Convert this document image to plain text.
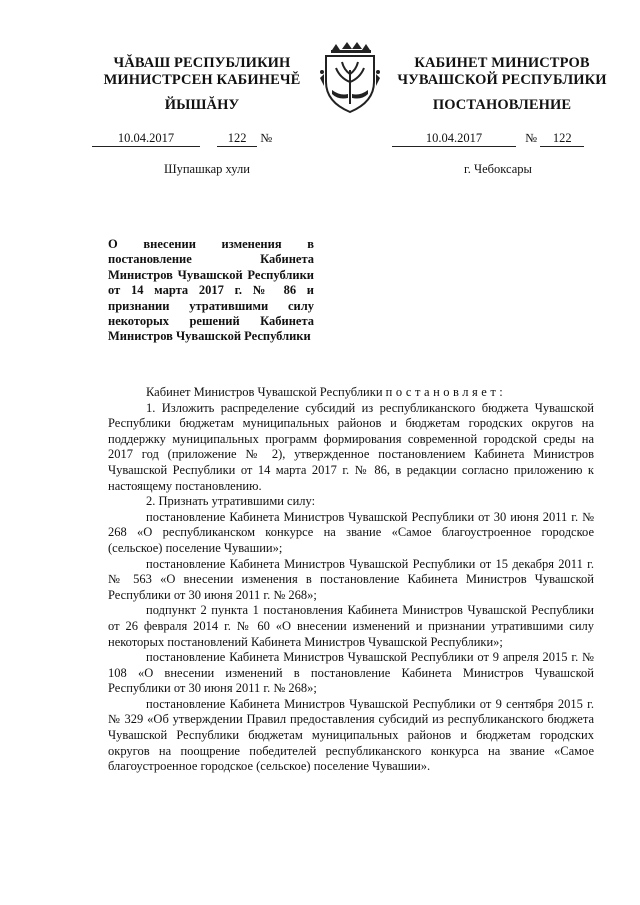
ЧĂВАШ РЕСПУБЛИКИН
МИНИСТРСЕН КАБИНЕЧĔ
ЙЫШĂНУ
КАБИНЕТ МИНИСТРОВ
ЧУВАШСКОЙ РЕСПУБЛИКИ
ПОСТАНОВЛЕНИЕ
10.04.2017	122 №	10.04.2017	№ 122
Шупашкар хули	г. Чебоксары
О внесении изменения в постановление Кабинета Министров Чувашской Республики от 14 марта 2017 г. № 86 и признании утратившими силу некоторых решений Кабинета Министров Чувашской Республики

Кабинет Министров Чувашской Республики постановляет:

1. Изложить распределение субсидий из республиканского бюджета Чувашской Республики бюджетам муниципальных районов и бюджетам городских округов на поддержку муниципальных программ формирования современной городской среды на 2017 год (приложение № 2), утвержденное постановлением Кабинета Министров Чувашской Республики от 14 марта 2017 г. № 86, в редакции согласно приложению к настоящему постановлению.

2. Признать утратившими силу:

постановление Кабинета Министров Чувашской Республики от 30 июня 2011 г. № 268 «О республиканском конкурсе на звание «Самое благоустроенное городское (сельское) поселение Чувашии»;

постановление Кабинета Министров Чувашской Республики от 15 декабря 2011 г. № 563 «О внесении изменения в постановление Кабинета Министров Чувашской Республики от 30 июня 2011 г. № 268»;

подпункт 2 пункта 1 постановления Кабинета Министров Чувашской Республики от 26 февраля 2014 г. № 60 «О внесении изменений и признании утратившими силу некоторых постановлений Кабинета Министров Чувашской Республики»;

постановление Кабинета Министров Чувашской Республики от 9 апреля 2015 г. № 108 «О внесении изменений в постановление Кабинета Министров Чувашской Республики от 30 июня 2011 г. № 268»;

постановление Кабинета Министров Чувашской Республики от 9 сентября 2015 г. № 329 «Об утверждении Правил предоставления субсидий из республиканского бюджета Чувашской Республики бюджетам муниципальных районов и бюджетам городских округов на поощрение победителей республиканского конкурса на звание «Самое благоустроенное городское (сельское) поселение Чувашии».
